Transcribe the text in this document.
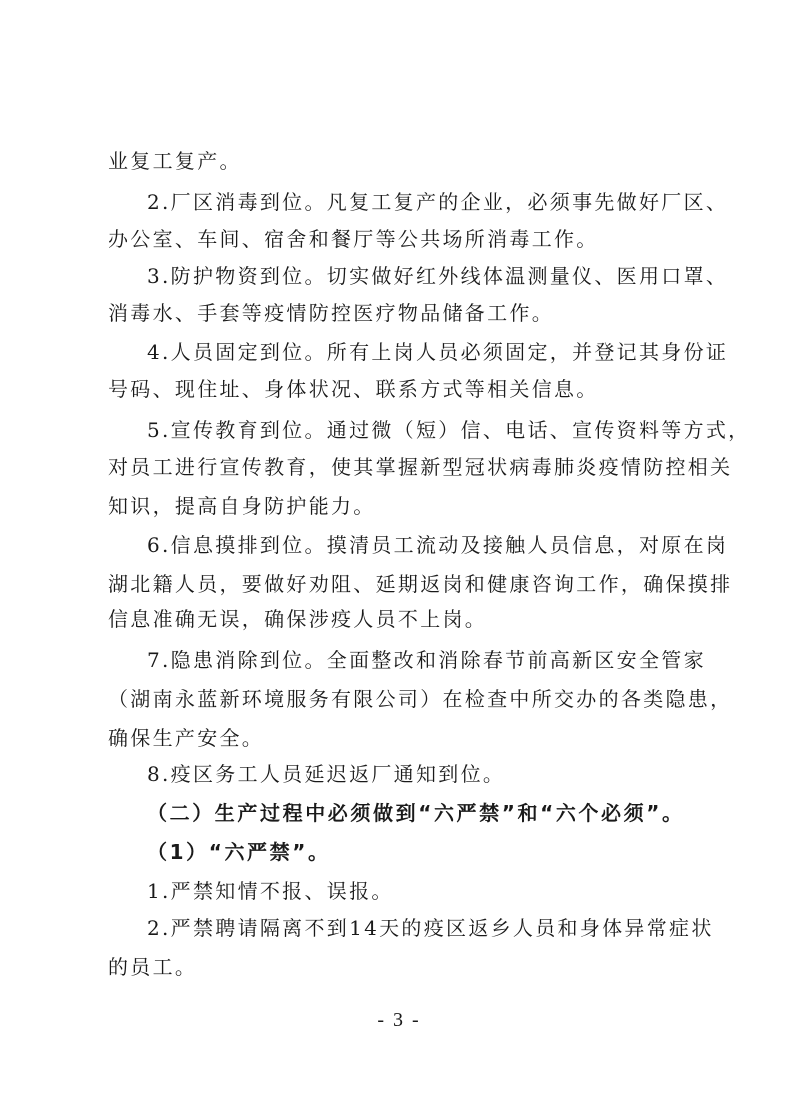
业复工复产。
2.厂区消毒到位。凡复工复产的企业，必须事先做好厂区、
办公室、车间、宿舍和餐厅等公共场所消毒工作。
3.防护物资到位。切实做好红外线体温测量仪、医用口罩、
消毒水、手套等疫情防控医疗物品储备工作。
4.人员固定到位。所有上岗人员必须固定，并登记其身份证
号码、现住址、身体状况、联系方式等相关信息。
5.宣传教育到位。通过微（短）信、电话、宣传资料等方式，
对员工进行宣传教育，使其掌握新型冠状病毒肺炎疫情防控相关
知识，提高自身防护能力。
6.信息摸排到位。摸清员工流动及接触人员信息，对原在岗
湖北籍人员，要做好劝阻、延期返岗和健康咨询工作，确保摸排
信息准确无误，确保涉疫人员不上岗。
7.隐患消除到位。全面整改和消除春节前高新区安全管家
（湖南永蓝新环境服务有限公司）在检查中所交办的各类隐患，
确保生产安全。
8.疫区务工人员延迟返厂通知到位。
（二）生产过程中必须做到“六严禁”和“六个必须”。
（1）“六严禁”。
1.严禁知情不报、误报。
2.严禁聘请隔离不到14天的疫区返乡人员和身体异常症状
的员工。
- 3 -
